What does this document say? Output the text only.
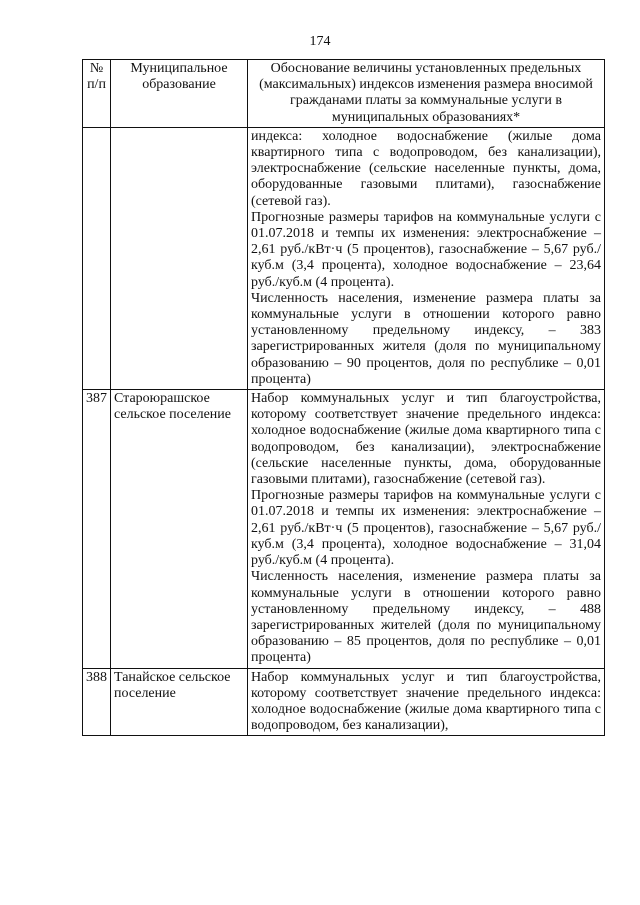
174
№ п/п	Муниципальное образование	Обоснование величины установленных предельных (максимальных) индексов изменения размера вносимой гражданами платы за коммунальные услуги в муниципальных образованиях*

		индекса: холодное водоснабжение (жилые дома квартирного типа с водопроводом, без канализации), электроснабжение (сельские населенные пункты, дома, оборудованные газовыми плитами), газоснабжение (сетевой газ).

Прогнозные размеры тарифов на коммунальные услуги с 01.07.2018 и темпы их изменения: электроснабжение – 2,61 руб./кВт·ч (5 процентов), газоснабжение – 5,67 руб./куб.м (3,4 процента), холодное водоснабжение – 23,64 руб./куб.м (4 процента).

Численность населения, изменение размера платы за коммунальные услуги в отношении которого равно установленному предельному индексу, – 383 зарегистрированных жителя (доля по муниципальному образованию – 90 процентов, доля по республике – 0,01 процента)

387	Староюрашское сельское поселение	Набор коммунальных услуг и тип благоустройства, которому соответствует значение предельного индекса: холодное водоснабжение (жилые дома квартирного типа с водопроводом, без канализации), электроснабжение (сельские населенные пункты, дома, оборудованные газовыми плитами), газоснабжение (сетевой газ).

Прогнозные размеры тарифов на коммунальные услуги с 01.07.2018 и темпы их изменения: электроснабжение – 2,61 руб./кВт·ч (5 процентов), газоснабжение – 5,67 руб./куб.м (3,4 процента), холодное водоснабжение – 31,04 руб./куб.м (4 процента).

Численность населения, изменение размера платы за коммунальные услуги в отношении которого равно установленному предельному индексу, – 488 зарегистрированных жителей (доля по муниципальному образованию – 85 процентов, доля по республике – 0,01 процента)

388	Танайское сельское поселение	Набор коммунальных услуг и тип благоустройства, которому соответствует значение предельного индекса: холодное водоснабжение (жилые дома квартирного типа с водопроводом, без канализации),
